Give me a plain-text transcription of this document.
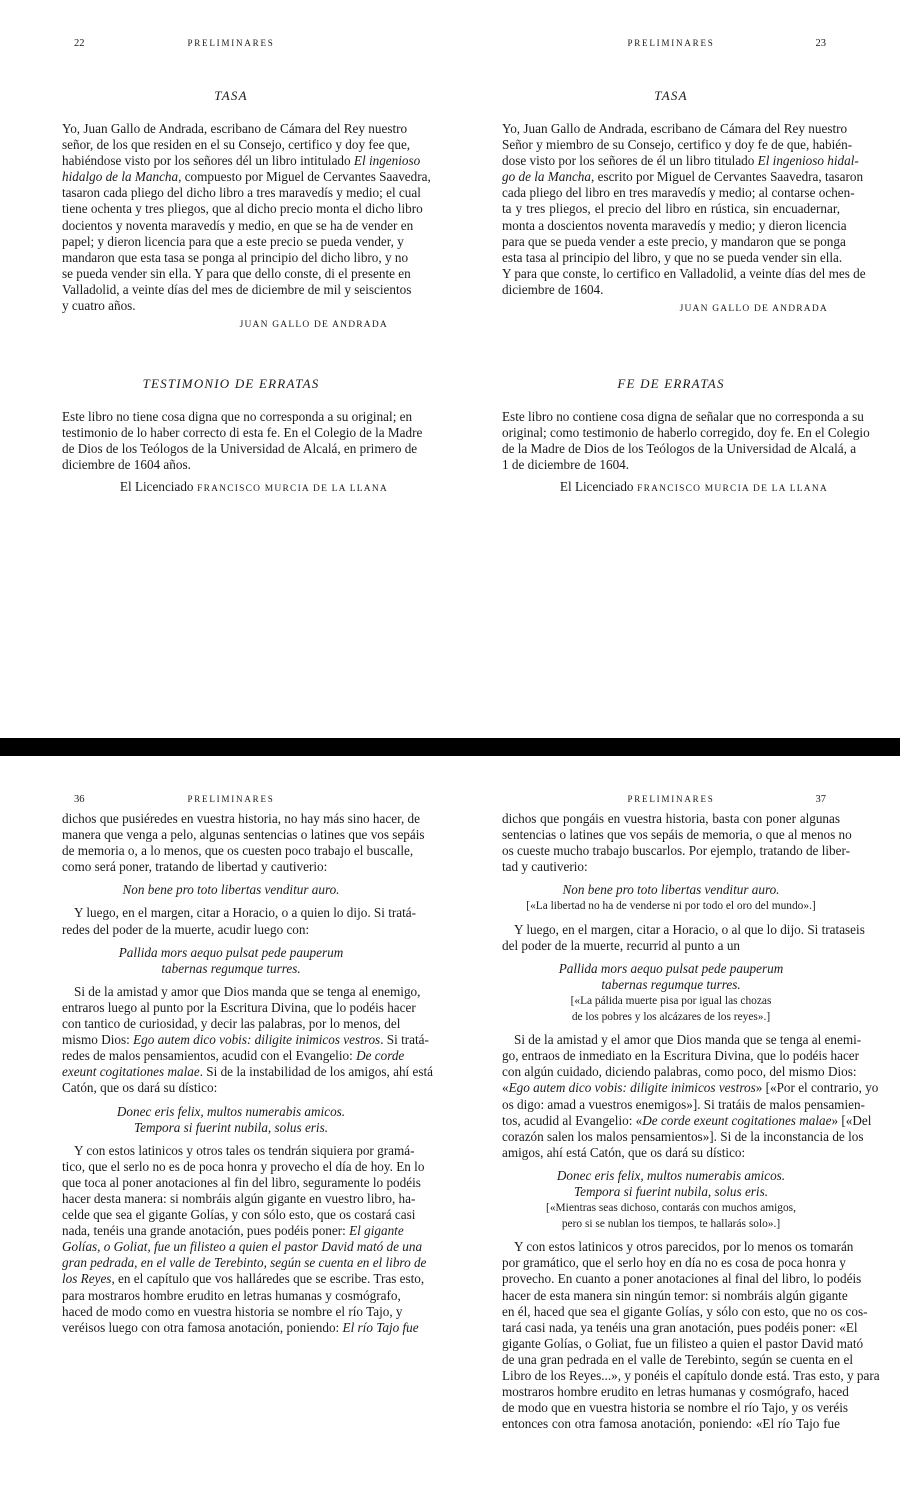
22	PRELIMINARES
TASA
Yo, Juan Gallo de Andrada, escribano de Cámara del Rey nuestro
señor, de los que residen en el su Consejo, certifico y doy fee que,
habiéndose visto por los señores dél un libro intitulado El ingenioso
hidalgo de la Mancha, compuesto por Miguel de Cervantes Saavedra,
tasaron cada pliego del dicho libro a tres maravedís y medio; el cual
tiene ochenta y tres pliegos, que al dicho precio monta el dicho libro
docientos y noventa maravedís y medio, en que se ha de vender en
papel; y dieron licencia para que a este precio se pueda vender, y
mandaron que esta tasa se ponga al principio del dicho libro, y no
se pueda vender sin ella. Y para que dello conste, di el presente en
Valladolid, a veinte días del mes de diciembre de mil y seiscientos
y cuatro años.
JUAN GALLO DE ANDRADA
TESTIMONIO DE ERRATAS
Este libro no tiene cosa digna que no corresponda a su original; en
testimonio de lo haber correcto di esta fe. En el Colegio de la Madre
de Dios de los Teólogos de la Universidad de Alcalá, en primero de
diciembre de 1604 años.
El Licenciado FRANCISCO MURCIA DE LA LLANA
PRELIMINARES	23
TASA
Yo, Juan Gallo de Andrada, escribano de Cámara del Rey nuestro
Señor y miembro de su Consejo, certifico y doy fe de que, habién-
dose visto por los señores de él un libro titulado El ingenioso hidal-
go de la Mancha, escrito por Miguel de Cervantes Saavedra, tasaron
cada pliego del libro en tres maravedís y medio; al contarse ochen-
ta y tres pliegos, el precio del libro en rústica, sin encuadernar,
monta a doscientos noventa maravedís y medio; y dieron licencia
para que se pueda vender a este precio, y mandaron que se ponga
esta tasa al principio del libro, y que no se pueda vender sin ella.
Y para que conste, lo certifico en Valladolid, a veinte días del mes de
diciembre de 1604.
JUAN GALLO DE ANDRADA
FE DE ERRATAS
Este libro no contiene cosa digna de señalar que no corresponda a su
original; como testimonio de haberlo corregido, doy fe. En el Colegio
de la Madre de Dios de los Teólogos de la Universidad de Alcalá, a
1 de diciembre de 1604.
El Licenciado FRANCISCO MURCIA DE LA LLANA
36	PRELIMINARES
dichos que pusiéredes en vuestra historia, no hay más sino hacer, de
manera que venga a pelo, algunas sentencias o latines que vos sepáis
de memoria o, a lo menos, que os cuesten poco trabajo el buscalle,
como será poner, tratando de libertad y cautiverio:
Non bene pro toto libertas venditur auro.
Y luego, en el margen, citar a Horacio, o a quien lo dijo. Si tratá-
redes del poder de la muerte, acudir luego con:
Pallida mors aequo pulsat pede pauperum
tabernas regumque turres.
Si de la amistad y amor que Dios manda que se tenga al enemigo,
entraros luego al punto por la Escritura Divina, que lo podéis hacer
con tantico de curiosidad, y decir las palabras, por lo menos, del
mismo Dios: Ego autem dico vobis: diligite inimicos vestros. Si tratá-
redes de malos pensamientos, acudid con el Evangelio: De corde
exeunt cogitationes malae. Si de la instabilidad de los amigos, ahí está
Catón, que os dará su dístico:
Donec eris felix, multos numerabis amicos.
Tempora si fuerint nubila, solus eris.
Y con estos latinicos y otros tales os tendrán siquiera por gramá-
tico, que el serlo no es de poca honra y provecho el día de hoy. En lo
que toca al poner anotaciones al fin del libro, seguramente lo podéis
hacer desta manera: si nombráis algún gigante en vuestro libro, ha-
celde que sea el gigante Golías, y con sólo esto, que os costará casi
nada, tenéis una grande anotación, pues podéis poner: El gigante
Golías, o Goliat, fue un filisteo a quien el pastor David mató de una
gran pedrada, en el valle de Terebinto, según se cuenta en el libro de
los Reyes, en el capítulo que vos halláredes que se escribe. Tras esto,
para mostraros hombre erudito en letras humanas y cosmógrafo,
haced de modo como en vuestra historia se nombre el río Tajo, y
veréisos luego con otra famosa anotación, poniendo: El río Tajo fue
PRELIMINARES	37
dichos que pongáis en vuestra historia, basta con poner algunas
sentencias o latines que vos sepáis de memoria, o que al menos no
os cueste mucho trabajo buscarlos. Por ejemplo, tratando de liber-
tad y cautiverio:
Non bene pro toto libertas venditur auro.
[«La libertad no ha de venderse ni por todo el oro del mundo».]
Y luego, en el margen, citar a Horacio, o al que lo dijo. Si trataseis
del poder de la muerte, recurrid al punto a un
Pallida mors aequo pulsat pede pauperum
tabernas regumque turres.
[«La pálida muerte pisa por igual las chozas
de los pobres y los alcázares de los reyes».]
Si de la amistad y el amor que Dios manda que se tenga al enemi-
go, entraos de inmediato en la Escritura Divina, que lo podéis hacer
con algún cuidado, diciendo palabras, como poco, del mismo Dios:
«Ego autem dico vobis: diligite inimicos vestros» [«Por el contrario, yo
os digo: amad a vuestros enemigos»]. Si tratáis de malos pensamien-
tos, acudid al Evangelio: «De corde exeunt cogitationes malae» [«Del
corazón salen los malos pensamientos»]. Si de la inconstancia de los
amigos, ahí está Catón, que os dará su dístico:
Donec eris felix, multos numerabis amicos.
Tempora si fuerint nubila, solus eris.
[«Mientras seas dichoso, contarás con muchos amigos,
pero si se nublan los tiempos, te hallarás solo».]
Y con estos latinicos y otros parecidos, por lo menos os tomarán
por gramático, que el serlo hoy en día no es cosa de poca honra y
provecho. En cuanto a poner anotaciones al final del libro, lo podéis
hacer de esta manera sin ningún temor: si nombráis algún gigante
en él, haced que sea el gigante Golías, y sólo con esto, que no os cos-
tará casi nada, ya tenéis una gran anotación, pues podéis poner: «El
gigante Golías, o Goliat, fue un filisteo a quien el pastor David mató
de una gran pedrada en el valle de Terebinto, según se cuenta en el
Libro de los Reyes...», y ponéis el capítulo donde está. Tras esto, y para
mostraros hombre erudito en letras humanas y cosmógrafo, haced
de modo que en vuestra historia se nombre el río Tajo, y os veréis
entonces con otra famosa anotación, poniendo: «El río Tajo fue
